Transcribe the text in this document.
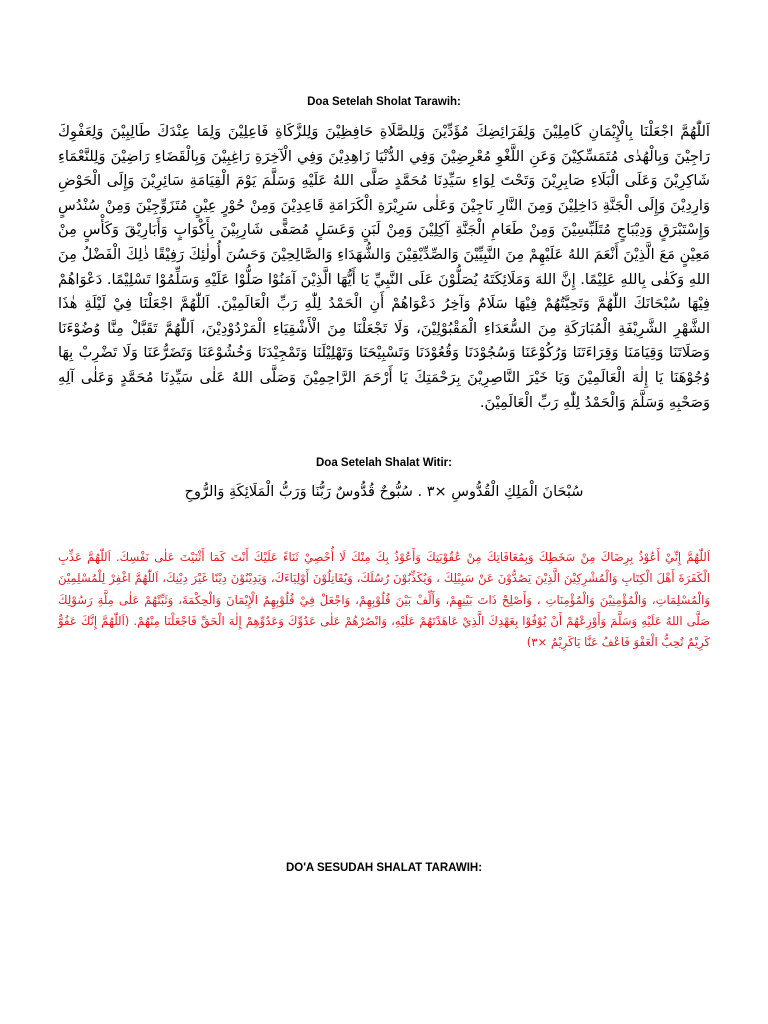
Doa Setelah Sholat Tarawih:

اَللّٰهُمَّ اجْعَلْنَا بِالْإِيْمَانِ كَامِلِيْنَ وَلِفَرَائِضِكَ مُؤَدِّيْنَ وَلِلصَّلَاةِ حَافِظِيْنَ وَلِلزَّكَاةِ فَاعِلِيْنَ وَلِمَا عِنْدَكَ طَالِبِيْنَ وَلِعَفْوِكَ رَاجِيْنَ وَبِالْهُدٰى مُتَمَسِّكِيْنَ وَعَنِ اللَّغْوِ مُعْرِضِيْنَ وَفِي الدُّنْيَا زَاهِدِيْنَ وَفِي الْآخِرَةِ رَاغِبِيْنَ وَبِالْقَضَاءِ رَاضِيْنَ وَلِلنَّعْمَاءِ شَاكِرِيْنَ وَعَلَى الْبَلَاءِ صَابِرِيْنَ وَتَحْتَ لِوَاءِ سَيِّدِنَا مُحَمَّدٍ صَلَّى اللهُ عَلَيْهِ وَسَلَّمَ يَوْمَ الْقِيَامَةِ سَائِرِيْنَ وَإِلَى الْحَوْضِ وَارِدِيْنَ وَإِلَى الْجَنَّةِ دَاخِلِيْنَ وَمِنَ النَّارِ نَاجِيْنَ وَعَلٰى سَرِيْرَةِ الْكَرَامَةِ قَاعِدِيْنَ وَمِنْ حُوْرٍ عِيْنٍ مُتَزَوِّجِيْنَ وَمِنْ سُنْدُسٍ وَإِسْتَبْرَقٍ وَدِيْبَاجٍ مُتَلَبِّسِيْنَ وَمِنْ طَعَامِ الْجَنَّةِ آكِلِيْنَ وَمِنْ لَبَنٍ وَعَسَلٍ مُصَفًّى شَارِبِيْنَ بِأَكْوَابٍ وَأَبَارِيْقَ وَكَأْسٍ مِنْ مَعِيْنٍ مَعَ الَّذِيْنَ أَنْعَمَ اللهُ عَلَيْهِمْ مِنَ النَّبِيِّيْنَ وَالصِّدِّيْقِيْنَ وَالشُّهَدَاءِ وَالصَّالِحِيْنَ وَحَسُنَ أُولٰئِكَ رَفِيْقًا ذٰلِكَ الْفَضْلُ مِنَ اللهِ وَكَفٰى بِاللهِ عَلِيْمًا. إِنَّ اللهَ وَمَلَائِكَتَهُ يُصَلُّوْنَ عَلَى النَّبِيِّ يَا أَيُّهَا الَّذِيْنَ آمَنُوْا صَلُّوْا عَلَيْهِ وَسَلِّمُوْا تَسْلِيْمًا. دَعْوَاهُمْ فِيْهَا سُبْحَانَكَ اللّٰهُمَّ وَتَحِيَّتُهُمْ فِيْهَا سَلَامٌ وَآخِرُ دَعْوَاهُمْ أَنِ الْحَمْدُ لِلّٰهِ رَبِّ الْعَالَمِيْنَ. اَللّٰهُمَّ اجْعَلْنَا فِيْ لَيْلَةِ هٰذَا الشَّهْرِ الشَّرِيْفَةِ الْمُبَارَكَةِ مِنَ السُّعَدَاءِ الْمَقْبُوْلِيْنَ، وَلَا تَجْعَلْنَا مِنَ الْأَشْقِيَاءِ الْمَرْدُوْدِيْنَ، اَللّٰهُمَّ تَقَبَّلْ مِنَّا وُضُوْءَنَا وَصَلَاتَنَا وَقِيَامَنَا وَقِرَاءَتَنَا وَرُكُوْعَنَا وَسُجُوْدَنَا وَقُعُوْدَنَا وَتَسْبِيْحَنَا وَتَهْلِيْلَنَا وَتَمْجِيْدَنَا وَخُشُوْعَنَا وَتَضَرُّعَنَا وَلَا تَضْرِبْ بِهَا وُجُوْهَنَا يَا إِلٰهَ الْعَالَمِيْنَ وَيَا خَيْرَ النَّاصِرِيْنَ بِرَحْمَتِكَ يَا أَرْحَمَ الرَّاحِمِيْنَ وَصَلَّى اللهُ عَلٰى سَيِّدِنَا مُحَمَّدٍ وَعَلٰى آلِهِ وَصَحْبِهِ وَسَلَّمَ وَالْحَمْدُ لِلّٰهِ رَبِّ الْعَالَمِيْنَ.

Doa Setelah Shalat Witir:

سُبْحَانَ الْمَلِكِ الْقُدُّوسِ ×٣ . سُبُّوحٌ قُدُّوسٌ رَبُّنَا وَرَبُّ الْمَلَائِكَةِ وَالرُّوحِ

اَللّٰهُمَّ إِنِّيْ أَعُوْذُ بِرِضَاكَ مِنْ سَخَطِكَ وَبِمُعَافَاتِكَ مِنْ عُقُوْبَتِكَ وَأَعُوْذُ بِكَ مِنْكَ لَا أُحْصِيْ ثَنَاءً عَلَيْكَ أَنْتَ كَمَا أَثْنَيْتَ عَلٰى نَفْسِكَ. اَللّٰهُمَّ عَذِّبِ الْكَفَرَةَ أَهْلَ الْكِتَابِ وَالْمُشْرِكِيْنَ الَّذِيْنَ يَصُدُّوْنَ عَنْ سَبِيْلِكَ ، وَيُكَذِّبُوْنَ رُسُلَكَ، وَيُقَاتِلُوْنَ أَوْلِيَاءَكَ، وَيَدِيْنُوْنَ دِيْنًا غَيْرَ دِيْنِكَ، اَللّٰهُمَّ اغْفِرْ لِلْمُسْلِمِيْنَ وَالْمُسْلِمَاتِ، وَالْمُؤْمِنِيْنَ وَالْمُؤْمِنَاتِ ، وَأَصْلِحْ ذَاتَ بَيْنِهِمْ، وَأَلِّفْ بَيْنَ قُلُوْبِهِمْ، وَاجْعَلْ فِيْ قُلُوْبِهِمُ الْإِيْمَانَ وَالْحِكْمَةَ، وَثَبِّتْهُمْ عَلٰى مِلَّةِ رَسُوْلِكَ صَلَّى اللهُ عَلَيْهِ وَسَلَّمَ وَأَوْزِعْهُمْ أَنْ يُوْفُوْا بِعَهْدِكَ الَّذِيْ عَاهَدْتَهُمْ عَلَيْهِ، وَانْصُرْهُمْ عَلٰى عَدُوِّكَ وَعَدُوِّهِمْ إِلٰهَ الْحَقِّ فَاجْعَلْنَا مِنْهُمْ. (اَللّٰهُمَّ إِنَّكَ عَفُوٌّ كَرِيْمٌ تُحِبُّ الْعَفْوَ فَاعْفُ عَنَّا يَاكَرِيْمُ ×٣)

DO'A SESUDAH SHALAT TARAWIH:
